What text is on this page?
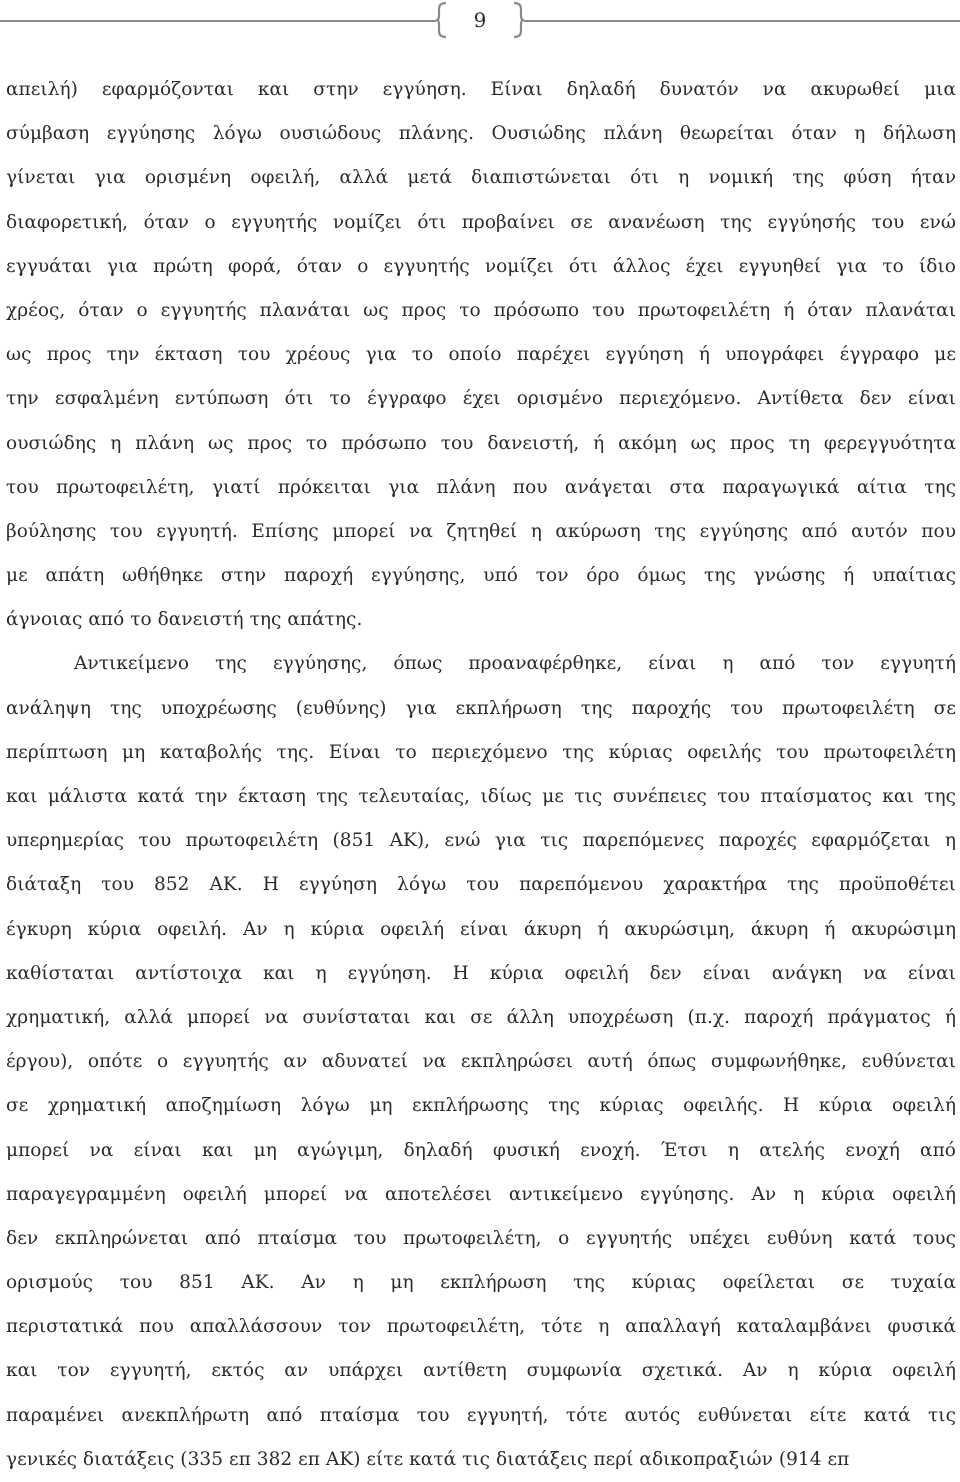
9
απειλή) εφαρμόζονται και στην εγγύηση. Είναι δηλαδή δυνατόν να ακυρωθεί μια
σύμβαση εγγύησης λόγω ουσιώδους πλάνης. Ουσιώδης πλάνη θεωρείται όταν η δήλωση
γίνεται για ορισμένη οφειλή, αλλά μετά διαπιστώνεται ότι η νομική της φύση ήταν
διαφορετική, όταν ο εγγυητής νομίζει ότι προβαίνει σε ανανέωση της εγγύησής του ενώ
εγγυάται για πρώτη φορά, όταν ο εγγυητής νομίζει ότι άλλος έχει εγγυηθεί για το ίδιο
χρέος, όταν ο εγγυητής πλανάται ως προς το πρόσωπο του πρωτοφειλέτη ή όταν πλανάται
ως προς την έκταση του χρέους για το οποίο παρέχει εγγύηση ή υπογράφει έγγραφο με
την εσφαλμένη εντύπωση ότι το έγγραφο έχει ορισμένο περιεχόμενο. Αντίθετα δεν είναι
ουσιώδης η πλάνη ως προς το πρόσωπο του δανειστή, ή ακόμη ως προς τη φερεγγυότητα
του πρωτοφειλέτη, γιατί πρόκειται για πλάνη που ανάγεται στα παραγωγικά αίτια της
βούλησης του εγγυητή. Επίσης μπορεί να ζητηθεί η ακύρωση της εγγύησης από αυτόν που
με απάτη ωθήθηκε στην παροχή εγγύησης, υπό τον όρο όμως της γνώσης ή υπαίτιας
άγνοιας από το δανειστή της απάτης.
Αντικείμενο της εγγύησης, όπως προαναφέρθηκε, είναι η από τον εγγυητή
ανάληψη της υποχρέωσης (ευθύνης) για εκπλήρωση της παροχής του πρωτοφειλέτη σε
περίπτωση μη καταβολής της. Είναι το περιεχόμενο της κύριας οφειλής του πρωτοφειλέτη
και μάλιστα κατά την έκταση της τελευταίας, ιδίως με τις συνέπειες του πταίσματος και της
υπερημερίας του πρωτοφειλέτη (851 ΑΚ), ενώ για τις παρεπόμενες παροχές εφαρμόζεται η
διάταξη του 852 ΑΚ. Η εγγύηση λόγω του παρεπόμενου χαρακτήρα της προϋποθέτει
έγκυρη κύρια οφειλή. Αν η κύρια οφειλή είναι άκυρη ή ακυρώσιμη, άκυρη ή ακυρώσιμη
καθίσταται αντίστοιχα και η εγγύηση. Η κύρια οφειλή δεν είναι ανάγκη να είναι
χρηματική, αλλά μπορεί να συνίσταται και σε άλλη υποχρέωση (π.χ. παροχή πράγματος ή
έργου), οπότε ο εγγυητής αν αδυνατεί να εκπληρώσει αυτή όπως συμφωνήθηκε, ευθύνεται
σε χρηματική αποζημίωση λόγω μη εκπλήρωσης της κύριας οφειλής. Η κύρια οφειλή
μπορεί να είναι και μη αγώγιμη, δηλαδή φυσική ενοχή. Έτσι η ατελής ενοχή από
παραγεγραμμένη οφειλή μπορεί να αποτελέσει αντικείμενο εγγύησης. Αν η κύρια οφειλή
δεν εκπληρώνεται από πταίσμα του πρωτοφειλέτη, ο εγγυητής υπέχει ευθύνη κατά τους
ορισμούς του 851 ΑΚ. Αν η μη εκπλήρωση της κύριας οφείλεται σε τυχαία
περιστατικά που απαλλάσσουν τον πρωτοφειλέτη, τότε η απαλλαγή καταλαμβάνει φυσικά
και τον εγγυητή, εκτός αν υπάρχει αντίθετη συμφωνία σχετικά. Αν η κύρια οφειλή
παραμένει ανεκπλήρωτη από πταίσμα του εγγυητή, τότε αυτός ευθύνεται είτε κατά τις
γενικές διατάξεις (335 επ 382 επ ΑΚ) είτε κατά τις διατάξεις περί αδικοπραξιών (914 επ
